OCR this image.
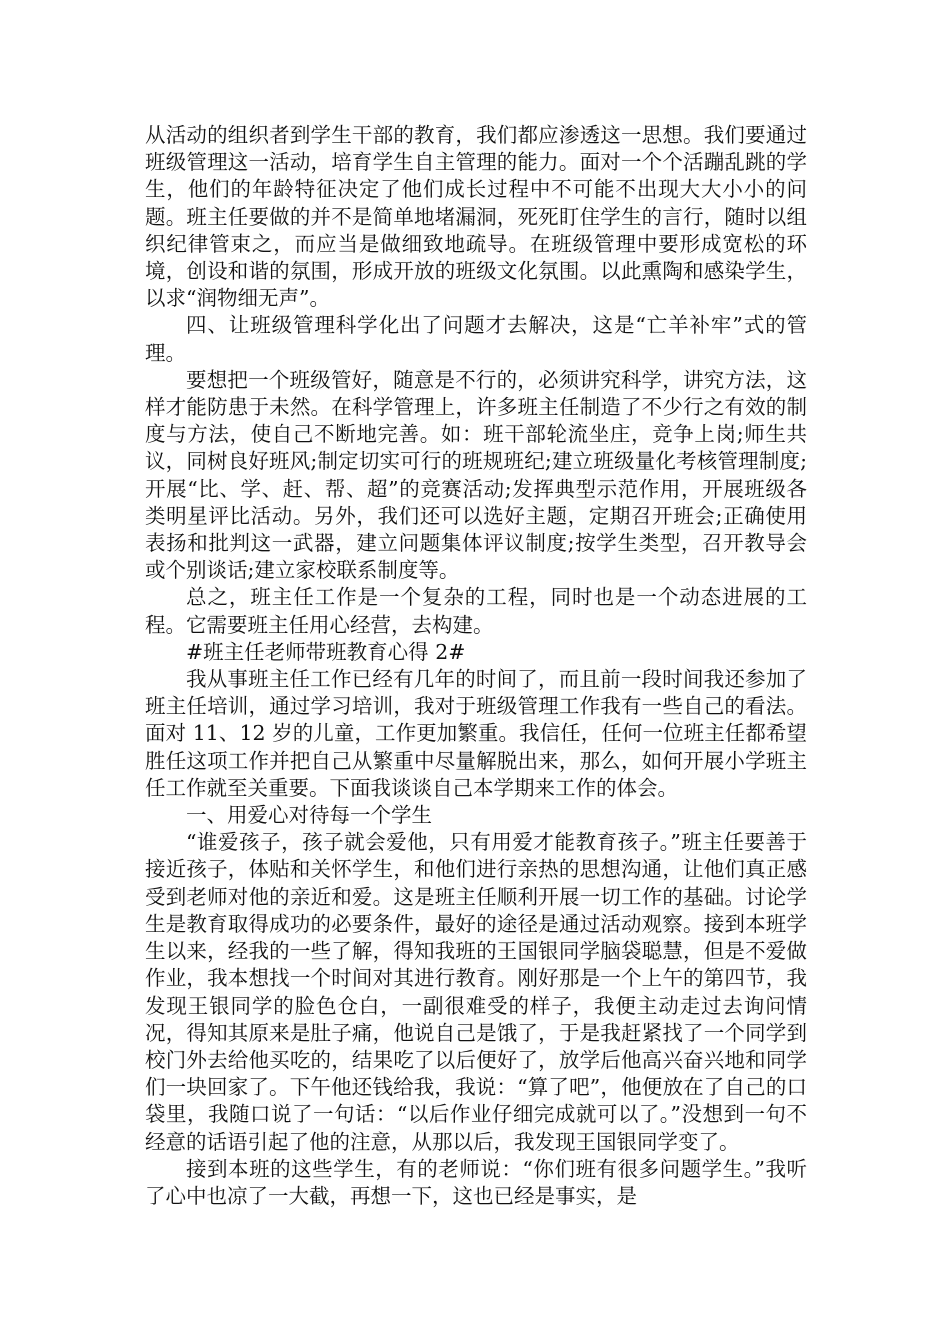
从活动的组织者到学生干部的教育，我们都应渗透这一思想。我们要通过班级管理这一活动，培育学生自主管理的能力。面对一个个活蹦乱跳的学生，他们的年龄特征决定了他们成长过程中不可能不出现大大小小的问题。班主任要做的并不是简单地堵漏洞，死死盯住学生的言行，随时以组织纪律管束之，而应当是做细致地疏导。在班级管理中要形成宽松的环境，创设和谐的氛围，形成开放的班级文化氛围。以此熏陶和感染学生，以求“润物细无声”。

四、让班级管理科学化出了问题才去解决，这是“亡羊补牢”式的管理。

要想把一个班级管好，随意是不行的，必须讲究科学，讲究方法，这样才能防患于未然。在科学管理上，许多班主任制造了不少行之有效的制度与方法，使自己不断地完善。如：班干部轮流坐庄，竞争上岗;师生共议，同树良好班风;制定切实可行的班规班纪;建立班级量化考核管理制度;开展“比、学、赶、帮、超”的竞赛活动;发挥典型示范作用，开展班级各类明星评比活动。另外，我们还可以选好主题，定期召开班会;正确使用表扬和批判这一武器，建立问题集体评议制度;按学生类型，召开教导会或个别谈话;建立家校联系制度等。

总之，班主任工作是一个复杂的工程，同时也是一个动态进展的工程。它需要班主任用心经营，去构建。

#班主任老师带班教育心得 2#

我从事班主任工作已经有几年的时间了，而且前一段时间我还参加了班主任培训，通过学习培训，我对于班级管理工作我有一些自己的看法。面对 11、12 岁的儿童，工作更加繁重。我信任，任何一位班主任都希望胜任这项工作并把自己从繁重中尽量解脱出来，那么，如何开展小学班主任工作就至关重要。下面我谈谈自己本学期来工作的体会。

一、用爱心对待每一个学生

“谁爱孩子，孩子就会爱他，只有用爱才能教育孩子。”班主任要善于接近孩子，体贴和关怀学生，和他们进行亲热的思想沟通，让他们真正感受到老师对他的亲近和爱。这是班主任顺利开展一切工作的基础。讨论学生是教育取得成功的必要条件，最好的途径是通过活动观察。接到本班学生以来，经我的一些了解，得知我班的王国银同学脑袋聪慧，但是不爱做作业，我本想找一个时间对其进行教育。刚好那是一个上午的第四节，我发现王银同学的脸色仓白，一副很难受的样子，我便主动走过去询问情况，得知其原来是肚子痛，他说自己是饿了，于是我赶紧找了一个同学到校门外去给他买吃的，结果吃了以后便好了，放学后他高兴奋兴地和同学们一块回家了。下午他还钱给我，我说：“算了吧”，他便放在了自己的口袋里，我随口说了一句话：“以后作业仔细完成就可以了。”没想到一句不经意的话语引起了他的注意，从那以后，我发现王国银同学变了。

接到本班的这些学生，有的老师说：“你们班有很多问题学生。”我听了心中也凉了一大截，再想一下，这也已经是事实，是
